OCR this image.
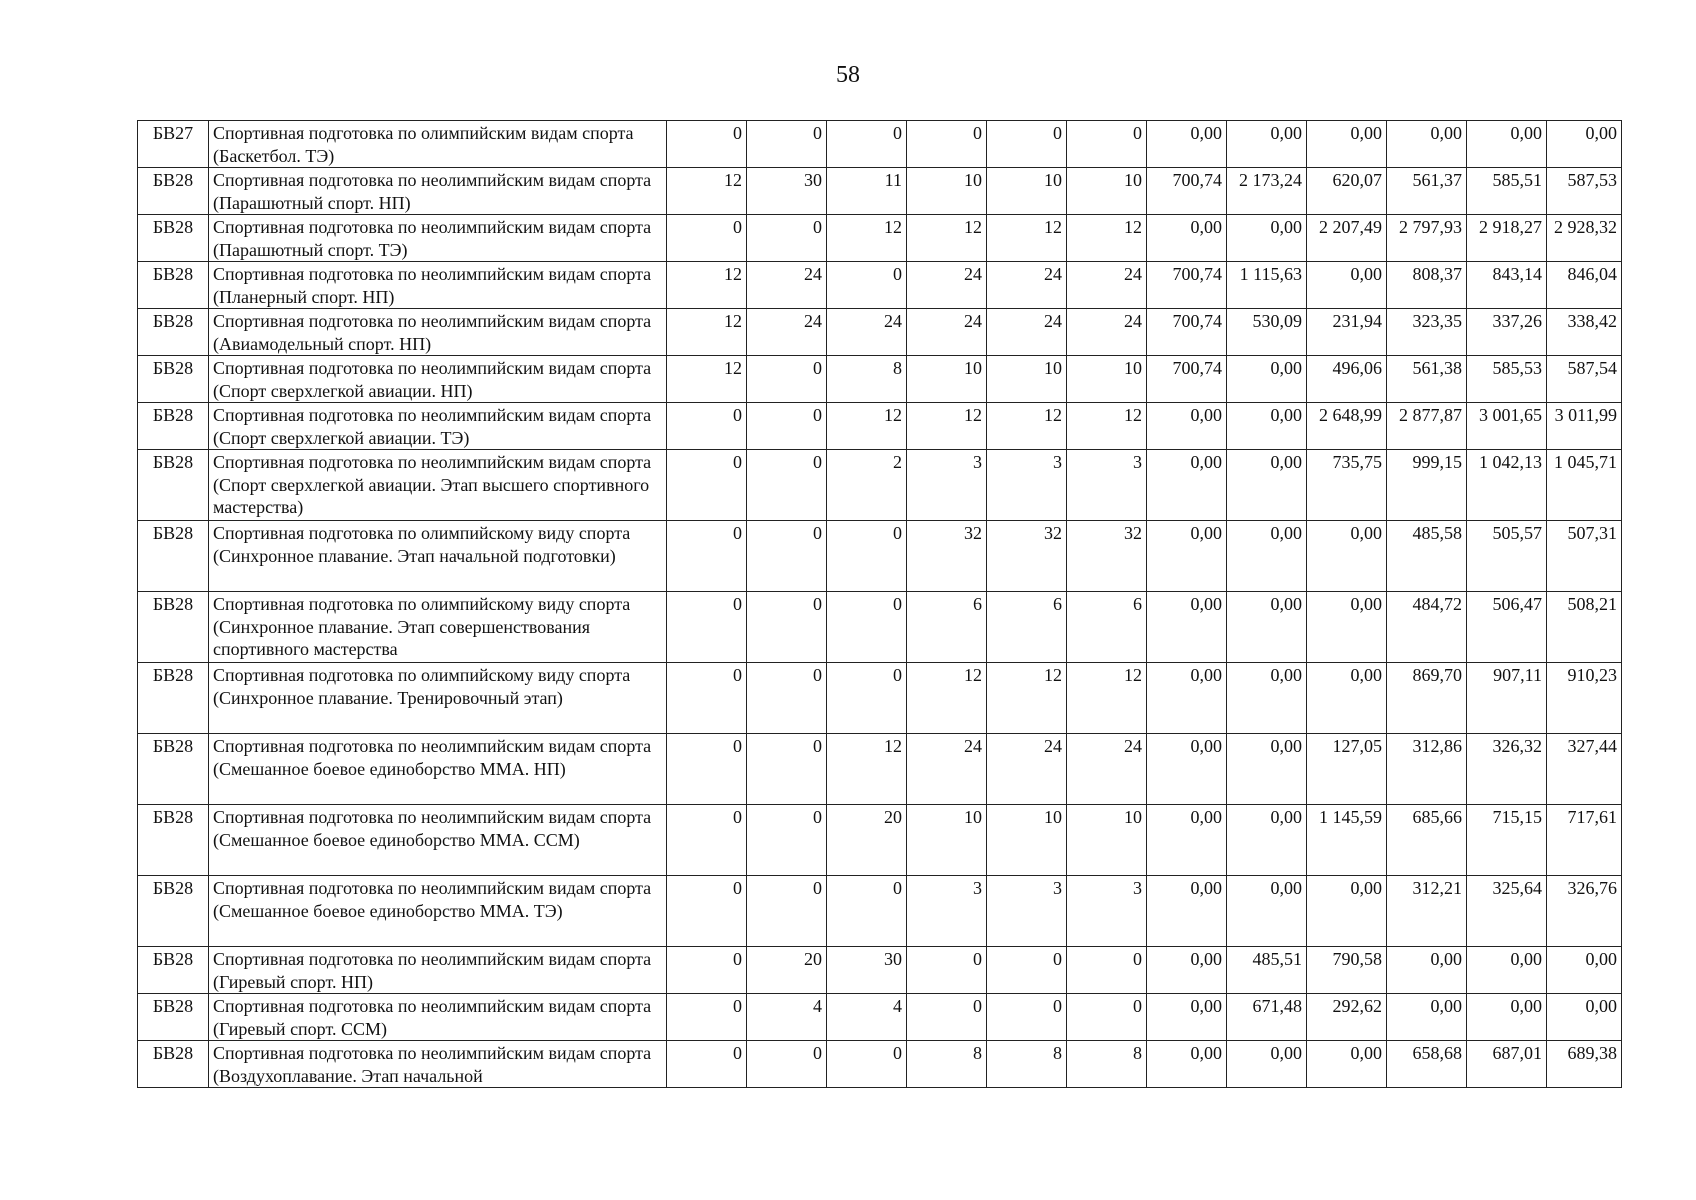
58
БВ27	Спортивная подготовка по олимпийским видам спорта (Баскетбол. ТЭ)	0	0	0	0	0	0	0,00	0,00	0,00	0,00	0,00	0,00
БВ28	Спортивная подготовка по неолимпийским видам спорта (Парашютный спорт. НП)	12	30	11	10	10	10	700,74	2 173,24	620,07	561,37	585,51	587,53
БВ28	Спортивная подготовка по неолимпийским видам спорта (Парашютный спорт. ТЭ)	0	0	12	12	12	12	0,00	0,00	2 207,49	2 797,93	2 918,27	2 928,32
БВ28	Спортивная подготовка по неолимпийским видам спорта (Планерный спорт. НП)	12	24	0	24	24	24	700,74	1 115,63	0,00	808,37	843,14	846,04
БВ28	Спортивная подготовка по неолимпийским видам спорта (Авиамодельный спорт. НП)	12	24	24	24	24	24	700,74	530,09	231,94	323,35	337,26	338,42
БВ28	Спортивная подготовка по неолимпийским видам спорта (Спорт сверхлегкой авиации. НП)	12	0	8	10	10	10	700,74	0,00	496,06	561,38	585,53	587,54
БВ28	Спортивная подготовка по неолимпийским видам спорта (Спорт сверхлегкой авиации. ТЭ)	0	0	12	12	12	12	0,00	0,00	2 648,99	2 877,87	3 001,65	3 011,99
БВ28	Спортивная подготовка по неолимпийским видам спорта (Спорт сверхлегкой авиации. Этап высшего спортивного мастерства)	0	0	2	3	3	3	0,00	0,00	735,75	999,15	1 042,13	1 045,71
БВ28	Спортивная подготовка по олимпийскому виду спорта (Синхронное плавание. Этап начальной подготовки)	0	0	0	32	32	32	0,00	0,00	0,00	485,58	505,57	507,31
БВ28	Спортивная подготовка по олимпийскому виду спорта (Синхронное плавание. Этап совершенствования спортивного мастерства	0	0	0	6	6	6	0,00	0,00	0,00	484,72	506,47	508,21
БВ28	Спортивная подготовка по олимпийскому виду спорта (Синхронное плавание. Тренировочный этап)	0	0	0	12	12	12	0,00	0,00	0,00	869,70	907,11	910,23
БВ28	Спортивная подготовка по неолимпийским видам спорта (Смешанное боевое единоборство ММА. НП)	0	0	12	24	24	24	0,00	0,00	127,05	312,86	326,32	327,44
БВ28	Спортивная подготовка по неолимпийским видам спорта (Смешанное боевое единоборство ММА. ССМ)	0	0	20	10	10	10	0,00	0,00	1 145,59	685,66	715,15	717,61
БВ28	Спортивная подготовка по неолимпийским видам спорта (Смешанное боевое единоборство ММА. ТЭ)	0	0	0	3	3	3	0,00	0,00	0,00	312,21	325,64	326,76
БВ28	Спортивная подготовка по неолимпийским видам спорта (Гиревый спорт. НП)	0	20	30	0	0	0	0,00	485,51	790,58	0,00	0,00	0,00
БВ28	Спортивная подготовка по неолимпийским видам спорта (Гиревый спорт. ССМ)	0	4	4	0	0	0	0,00	671,48	292,62	0,00	0,00	0,00
БВ28	Спортивная подготовка по неолимпийским видам спорта (Воздухоплавание. Этап начальной	0	0	0	8	8	8	0,00	0,00	0,00	658,68	687,01	689,38
